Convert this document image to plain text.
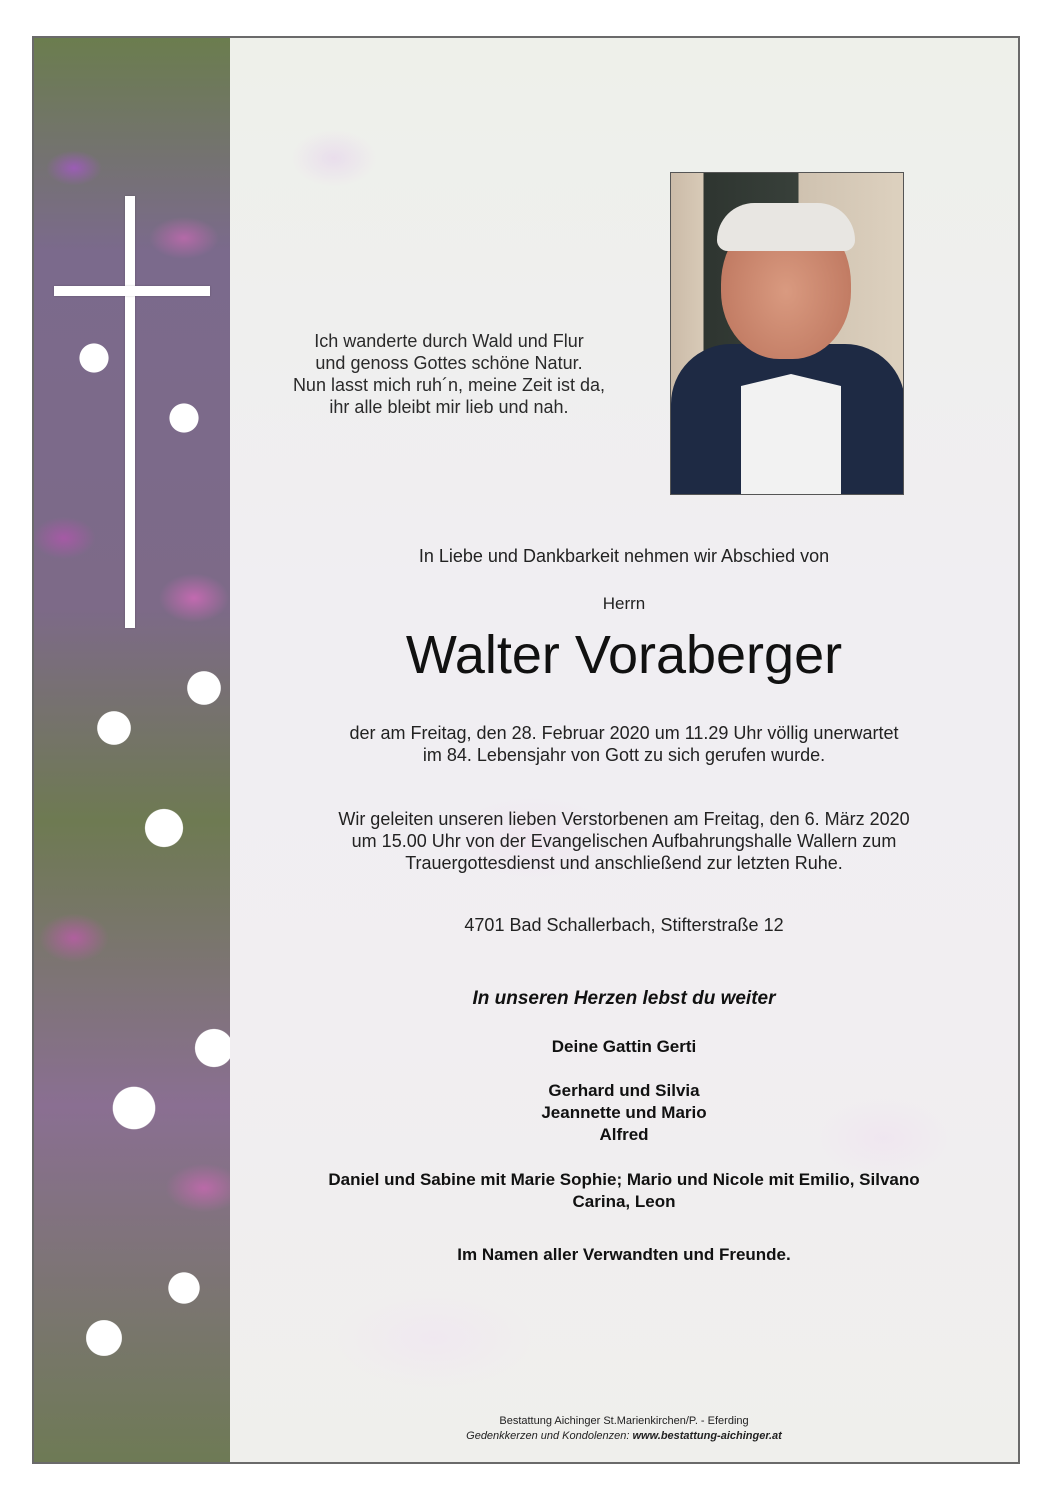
Ich wanderte durch Wald und Flur
und genoss Gottes schöne Natur.
Nun lasst mich ruh´n, meine Zeit ist da,
ihr alle bleibt mir lieb und nah.
In Liebe und Dankbarkeit nehmen wir Abschied von
Herrn
Walter Voraberger
der am Freitag, den 28. Februar 2020 um 11.29 Uhr völlig unerwartet
im 84. Lebensjahr von Gott zu sich gerufen wurde.
Wir geleiten unseren lieben Verstorbenen am Freitag, den 6. März 2020
um 15.00 Uhr von der Evangelischen Aufbahrungshalle Wallern zum
Trauergottesdienst und anschließend zur letzten Ruhe.
4701 Bad Schallerbach, Stifterstraße 12
In unseren Herzen lebst du weiter
Deine Gattin Gerti
Gerhard und Silvia
Jeannette und Mario
Alfred
Daniel und Sabine mit Marie Sophie; Mario und Nicole mit Emilio, Silvano
Carina, Leon
Im Namen aller Verwandten und Freunde.
Bestattung Aichinger St.Marienkirchen/P. - Eferding
Gedenkkerzen und Kondolenzen: www.bestattung-aichinger.at
